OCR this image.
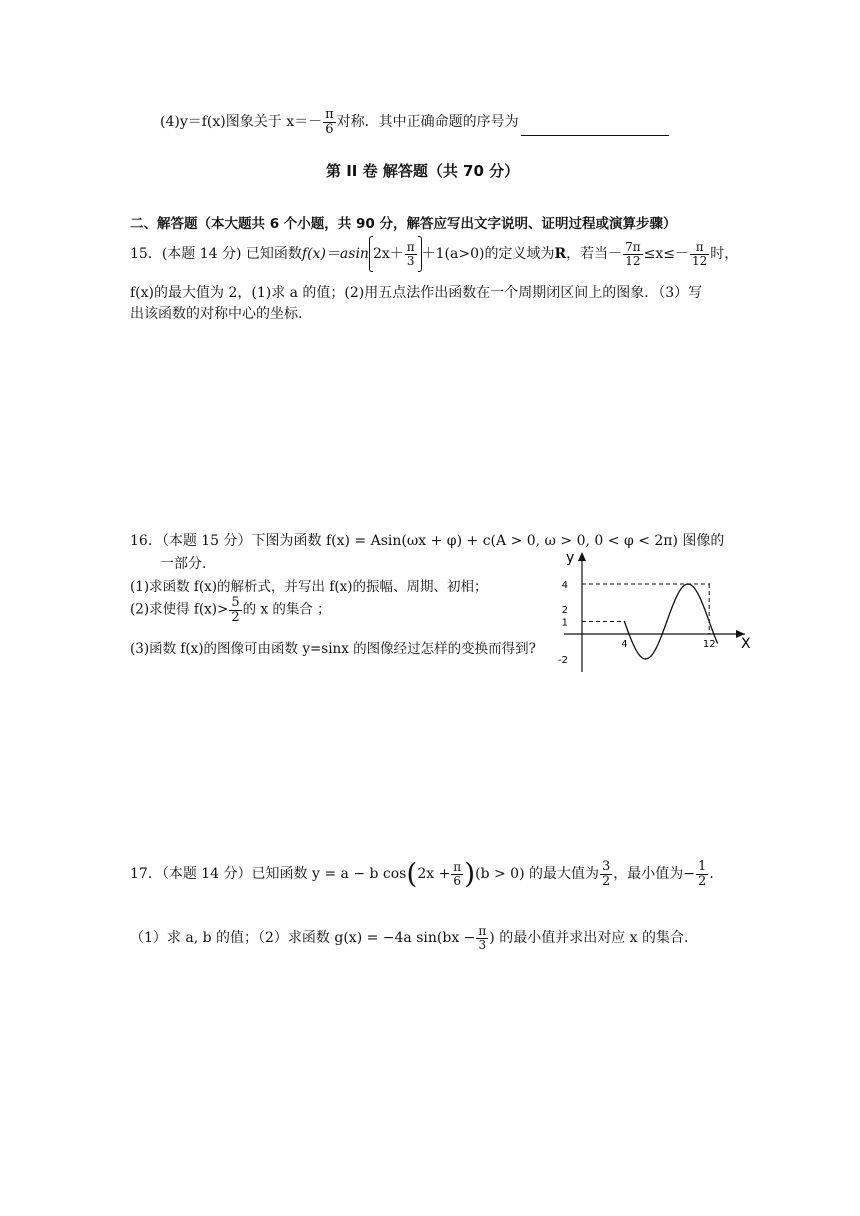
(4)y＝f(x)图象关于 $x=- \frac{\pi}{6}$ 对称．其中正确命题的序号为
第 II 卷 解答题（共 70 分）
二、解答题（本大题共 6 个小题，共 90 分，解答应写出文字说明、证明过程或演算步骤）
15．(本题 14 分) 已知函数f(x)＝asin $2x+ \frac{\pi}{3} +1(a>0)$的定义域为R，若当－ $\frac{7\pi}{12} \le x\le- \frac{\pi}{12}$ 时，
f(x)的最大值为 2，(1)求 a 的值；(2)用五点法作出函数在一个周期闭区间上的图象．（3）写
出该函数的对称中心的坐标.
16．（本题 15 分）下图为函数 f(x) = Asin(ωx + φ) + c(A > 0, ω > 0, 0 < φ < 2π) 图像的
一部分.
(1)求函数 f(x)的解析式，并写出 f(x)的振幅、周期、初相；
(2)求使得 $f(x)> \frac{5}{2}$ 的 x 的集合 ；
(3)函数 f(x)的图像可由函数 y=sinx 的图像经过怎样的变换而得到?	X
y
4
2
1
-2
4	12
17．（本题 14 分）已知函数 y = a − b $\cos(2x + \frac{\pi}{6} )(b > 0)$ 的最大值为 $\frac{3}{2}$ ，最小值为− $\frac{1}{2}$ .
（1）求 a, b 的值；（2）求函数 g(x) = −4a $\sin(bx - \frac{\pi}{3}$ ) 的最小值并求出对应 x 的集合.
